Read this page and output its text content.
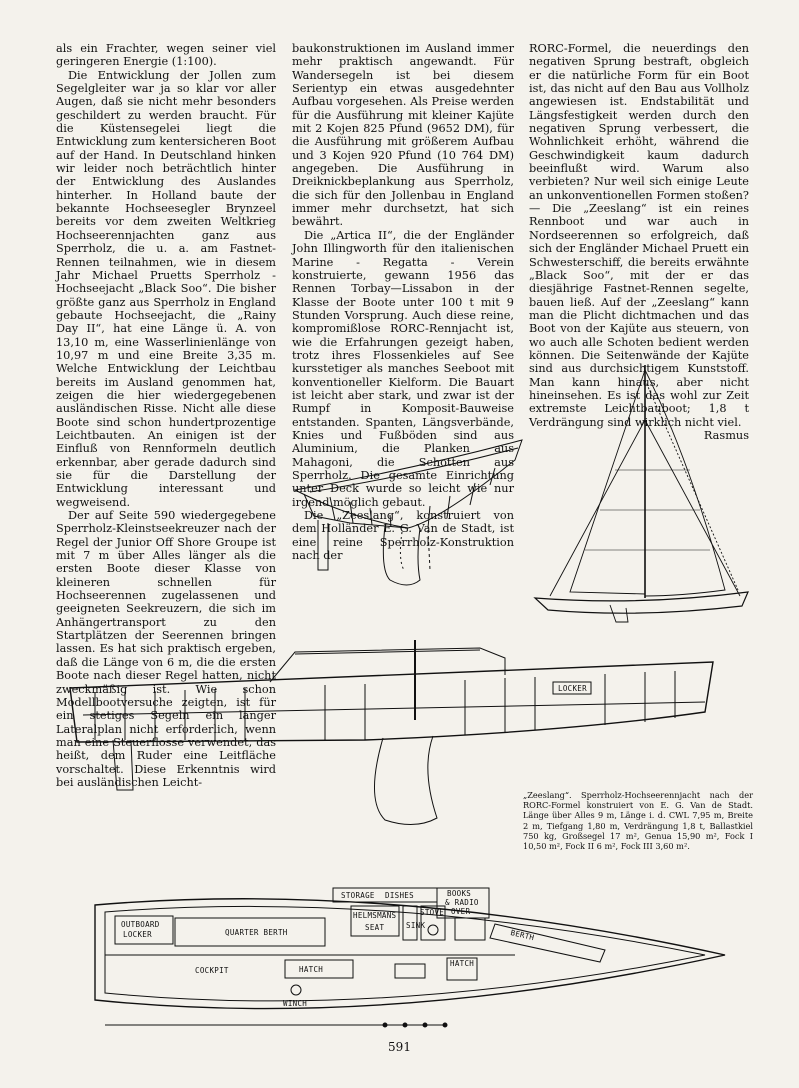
als ein Frachter, wegen seiner viel geringeren Energie (1:100).

Die Entwicklung der Jollen zum Segelgleiter war ja so klar vor aller Augen, daß sie nicht mehr besonders geschildert zu werden braucht. Für die Küstensegelei liegt die Entwicklung zum kentersicheren Boot auf der Hand. In Deutschland hinken wir leider noch beträchtlich hinter der Entwicklung des Auslandes hinterher. In Holland baute der bekannte Hochseesegler Brynzeel bereits vor dem zweiten Weltkrieg Hochseerennjachten ganz aus Sperrholz, die u. a. am Fastnet-Rennen teilnahmen, wie in diesem Jahr Michael Pruetts Sperrholz - Hochseejacht „Black Soo“. Die bisher größte ganz aus Sperrholz in England gebaute Hochseejacht, die „Rainy Day II“, hat eine Länge ü. A. von 13,10 m, eine Wasserlinienlänge von 10,97 m und eine Breite 3,35 m. Welche Entwicklung der Leichtbau bereits im Ausland genommen hat, zeigen die hier wiedergegebenen ausländischen Risse. Nicht alle diese Boote sind schon hundertprozentige Leichtbauten. An einigen ist der Einfluß von Rennformeln deutlich erkennbar, aber gerade dadurch sind sie für die Darstellung der Entwicklung interessant und wegweisend.

Der auf Seite 590 wiedergegebene Sperrholz-Kleinstseekreuzer nach der Regel der Junior Off Shore Groupe ist mit 7 m über Alles länger als die ersten Boote dieser Klasse von kleineren schnellen für Hochseerennen zugelassenen und geeigneten Seekreuzern, die sich im Anhängertransport zu den Startplätzen der Seerennen bringen lassen. Es hat sich praktisch ergeben, daß die Länge von 6 m, die die ersten Boote nach dieser Regel hatten, nicht zweckmäßig ist. Wie schon Modellbootversuche zeigten, ist für ein stetiges Segeln ein langer Lateralplan nicht erforderlich, wenn man eine Steuerflosse verwendet, das heißt, dem Ruder eine Leitfläche vorschaltet. Diese Erkenntnis wird bei ausländischen Leicht-

baukonstruktionen im Ausland immer mehr praktisch angewandt. Für Wandersegeln ist bei diesem Serientyp ein etwas ausgedehnter Aufbau vorgesehen. Als Preise werden für die Ausführung mit kleiner Kajüte mit 2 Kojen 825 Pfund (9652 DM), für die Ausführung mit größerem Aufbau und 3 Kojen 920 Pfund (10 764 DM) angegeben. Die Ausführung in Dreiknickbeplankung aus Sperrholz, die sich für den Jollenbau in England immer mehr durchsetzt, hat sich bewährt.

Die „Artica II“, die der Engländer John Illingworth für den italienischen Marine - Regatta - Verein konstruierte, gewann 1956 das Rennen Torbay—Lissabon in der Klasse der Boote unter 100 t mit 9 Stunden Vorsprung. Auch diese reine, kompromißlose RORC-Rennjacht ist, wie die Erfahrungen gezeigt haben, trotz ihres Flossenkieles auf See kursstetiger als manches Seeboot mit konventioneller Kielform. Die Bauart ist leicht aber stark, und zwar ist der Rumpf in Komposit-Bauweise entstanden. Spanten, Längsverbände, Knies und Fußböden sind aus Aluminium, die Planken aus Mahagoni, die Schotten aus Sperrholz. Die gesamte Einrichtung unter Deck wurde so leicht wie nur irgend möglich gebaut.

Die „Zeeslang“, konstruiert von dem Holländer E. G. Van de Stadt, ist eine reine Sperrholz-Konstruktion nach der

RORC-Formel, die neuerdings den negativen Sprung bestraft, obgleich er die natürliche Form für ein Boot ist, das nicht auf den Bau aus Vollholz angewiesen ist. Endstabilität und Längsfestigkeit werden durch den negativen Sprung verbessert, die Wohnlichkeit erhöht, während die Geschwindigkeit kaum dadurch beeinflußt wird. Warum also verbieten? Nur weil sich einige Leute an unkonventionellen Formen stoßen? — Die „Zeeslang“ ist ein reines Rennboot und war auch in Nordseerennen so erfolgreich, daß sich der Engländer Michael Pruett ein Schwesterschiff, die bereits erwähnte „Black Soo“, mit der er das diesjährige Fastnet-Rennen segelte, bauen ließ. Auf der „Zeeslang“ kann man die Plicht dichtmachen und das Boot von der Kajüte aus steuern, von wo auch alle Schoten bedient werden können. Die Seitenwände der Kajüte sind aus durchsichtigem Kunststoff. Man kann hinaus, aber nicht hineinsehen. Es ist das wohl zur Zeit extremste Leichtbauboot; 1,8 t Verdrängung sind wirklich nicht viel.

Rasmus

LOCKER
OUTBOARD
LOCKER	QUARTER BERTH
STORAGE DISHES	BOOKS
& RADIO
OVER
HELMSMANS
SEAT	SINK
STOVE
BERTH
COCKPIT	HATCH
HATCH
WINCH
„Zeeslang“. Sperrholz-Hochseerennjacht nach der RORC-Formel konstruiert von E. G. Van de Stadt. Länge über Alles 9 m, Länge i. d. CWL 7,95 m, Breite 2 m, Tiefgang 1,80 m, Verdrängung 1,8 t, Ballastkiel 750 kg, Großsegel 17 m², Genua 15,90 m², Fock I 10,50 m², Fock II 6 m², Fock III 3,60 m².
591
